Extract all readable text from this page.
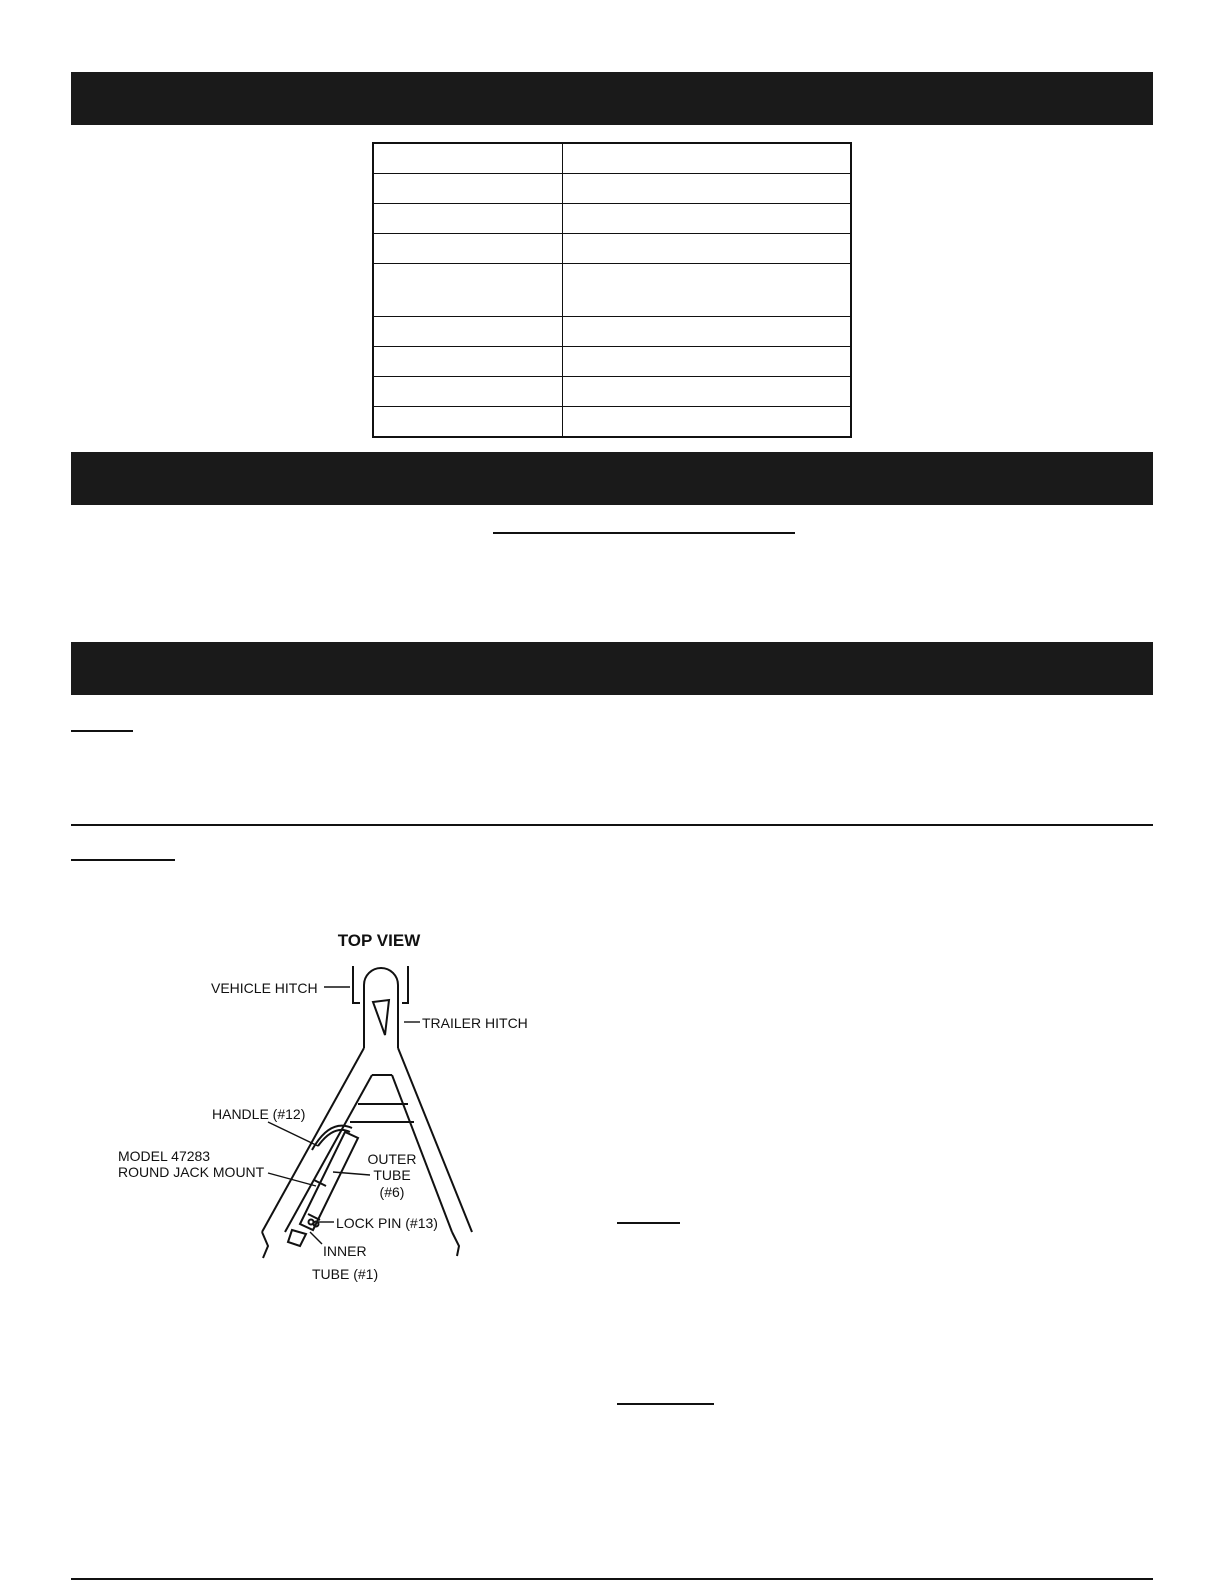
TOP VIEW
VEHICLE HITCH
TRAILER HITCH
HANDLE (#12)
MODEL 47283
ROUND JACK MOUNT
OUTER
TUBE
(#6)
LOCK PIN (#13)
INNER
TUBE (#1)
